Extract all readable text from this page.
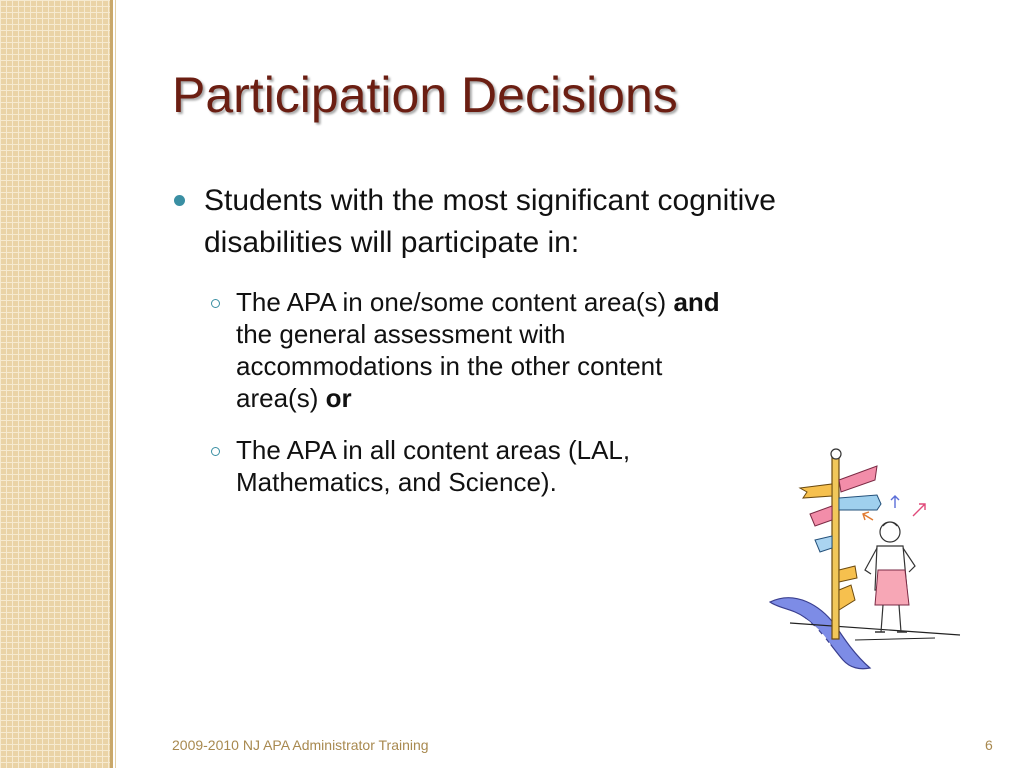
Participation Decisions

Students with the most significant cognitive disabilities will participate in:

The APA in one/some content area(s) and the general assessment with accommodations in the other content area(s) or

The APA in all content areas (LAL, Mathematics, and Science).

2009-2010 NJ APA Administrator Training	6
